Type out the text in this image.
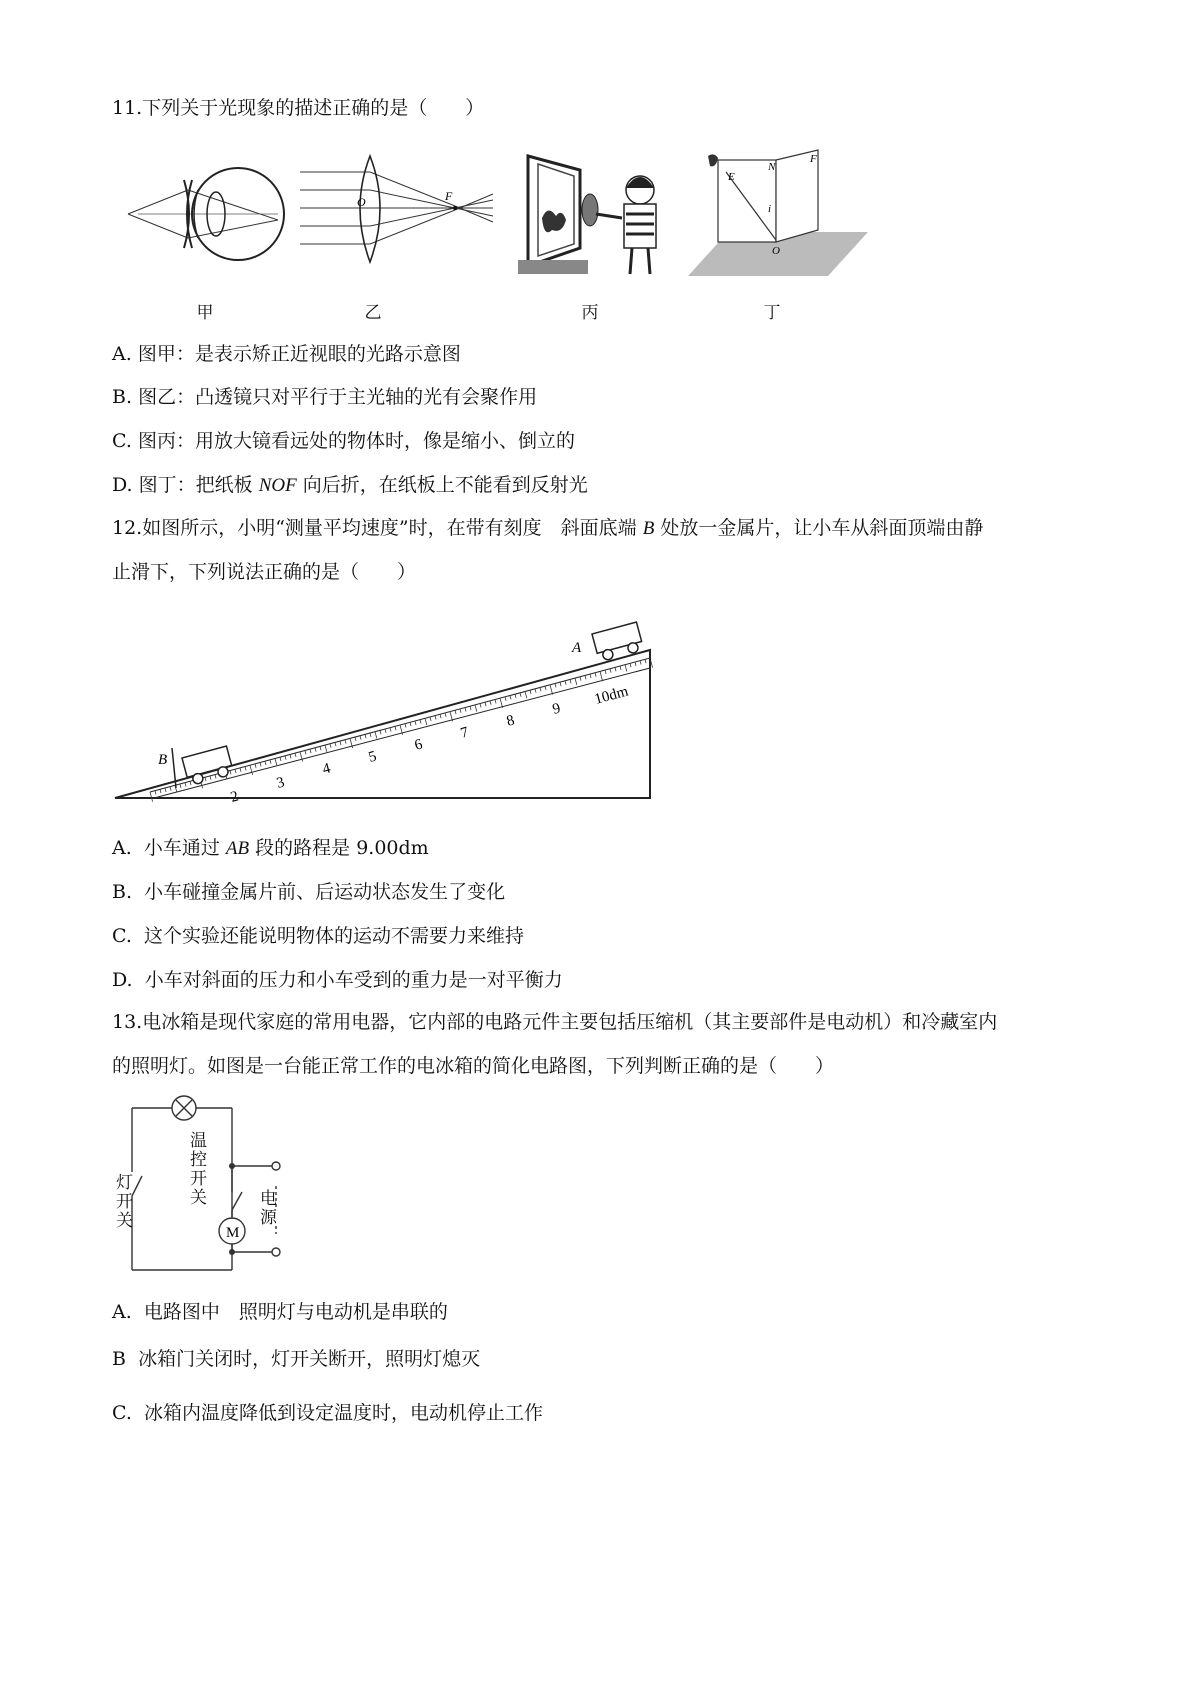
11.下列关于光现象的描述正确的是（　　）
甲
O	F
乙	丙
E
N
F
i
O
丁
A. 图甲：是表示矫正近视眼的光路示意图
B. 图乙：凸透镜只对平行于主光轴的光有会聚作用
C. 图丙：用放大镜看远处的物体时，像是缩小、倒立的
D. 图丁：把纸板 NOF 向后折，在纸板上不能看到反射光
12.如图所示，小明“测量平均速度”时，在带有刻度　斜面底端 B 处放一金属片，让小车从斜面顶端由静
止滑下，下列说法正确的是（　　）
B
A
2
3
4
5
6
7
8
9
10dm
A. 小车通过 AB 段的路程是 9.00dm
B. 小车碰撞金属片前、后运动状态发生了变化
C. 这个实验还能说明物体的运动不需要力来维持
D. 小车对斜面的压力和小车受到的重力是一对平衡力
13.电冰箱是现代家庭的常用电器，它内部的电路元件主要包括压缩机（其主要部件是电动机）和冷藏室内
的照明灯。如图是一台能正常工作的电冰箱的简化电路图，下列判断正确的是（　　）
M
灯开关
温控开关	电源
A. 电路图中　照明灯与电动机是串联的
B 冰箱门关闭时，灯开关断开，照明灯熄灭
C. 冰箱内温度降低到设定温度时，电动机停止工作
